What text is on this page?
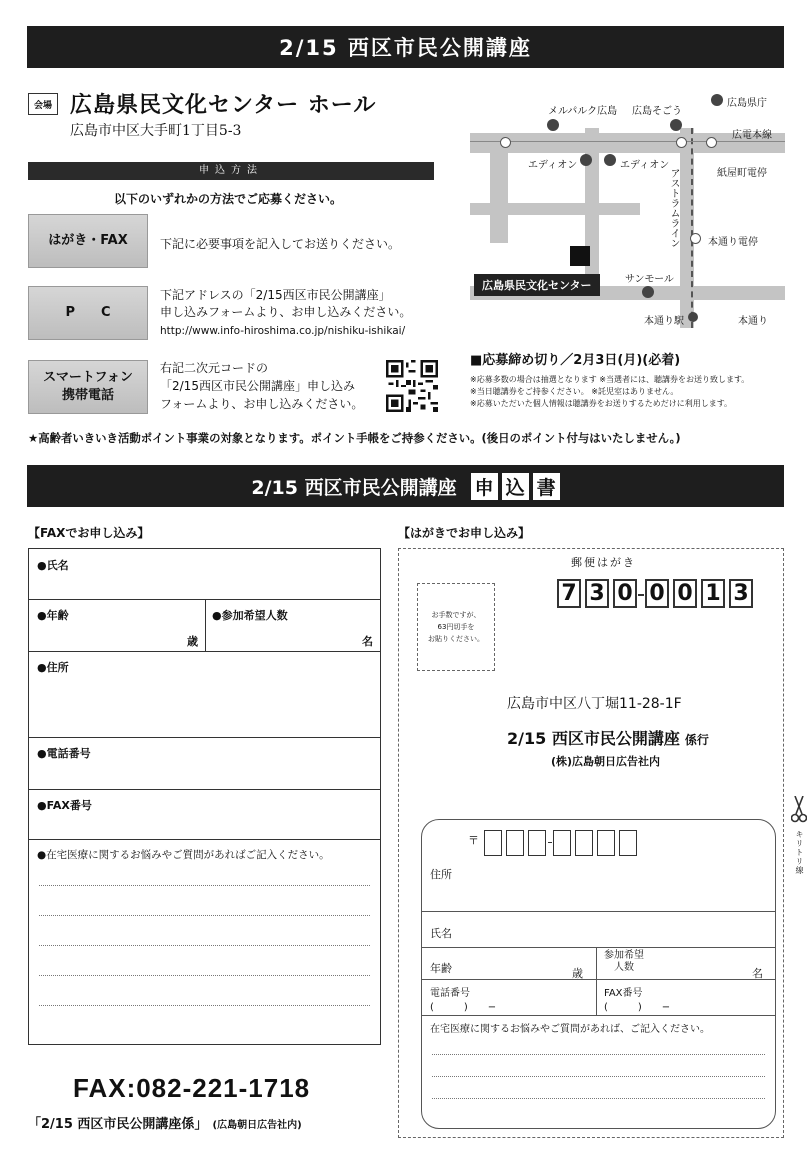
2/15 西区市民公開講座
会場 広島県民文化センター ホール
広島市中区大手町1丁目5-3
申込方法
以下のいずれかの方法でご応募ください。
はがき・FAX	下記に必要事項を記入してお送りください。
P　　C
下記アドレスの「2/15西区市民公開講座」
申し込みフォームより、お申し込みください。
http://www.info-hiroshima.co.jp/nishiku-ishikai/
スマートフォン
携帯電話
右記二次元コードの
「2/15西区市民公開講座」申し込み
フォームより、お申し込みください。
メルパルク広島 広島そごう
広島県庁
広電本線
エディオン	エディオン
紙屋町電停
アストラムライン	本通り電停
広島県民文化センター	サンモール
本通り駅	本通り
■応募締め切り／2月3日(月)(必着)
※応募多数の場合は抽選となります ※当選者には、聴講券をお送り致します。
※当日聴講券をご持参ください。 ※託児室はありません。
※応募いただいた個人情報は聴講券をお送りするためだけに利用します。
★高齢者いきいき活動ポイント事業の対象となります。ポイント手帳をご持参ください。(後日のポイント付与はいたしません。)
2/15 西区市民公開講座 申 込 書
【FAXでお申し込み】
●氏名
●年齢
歳
●参加希望人数
名
●住所
●電話番号
●FAX番号
●在宅医療に関するお悩みやご質問があればご記入ください。
FAX:082-221-1718
「2/15 西区市民公開講座係」 (広島朝日広告社内)
【はがきでお申し込み】
郵便はがき
お手数ですが、
63円切手を
お貼りください。
7 3 0 0 0 1 3
広島市中区八丁堀11-28-1F
2/15 西区市民公開講座 係行
(株)広島朝日広告社内
〒
住所
氏名
年齢	歳
参加希望
人数	名
電話番号
(　　　)　　−
FAX番号
(　　　)　　−
在宅医療に関するお悩みやご質問があれば、ご記入ください。
キリトリ線
